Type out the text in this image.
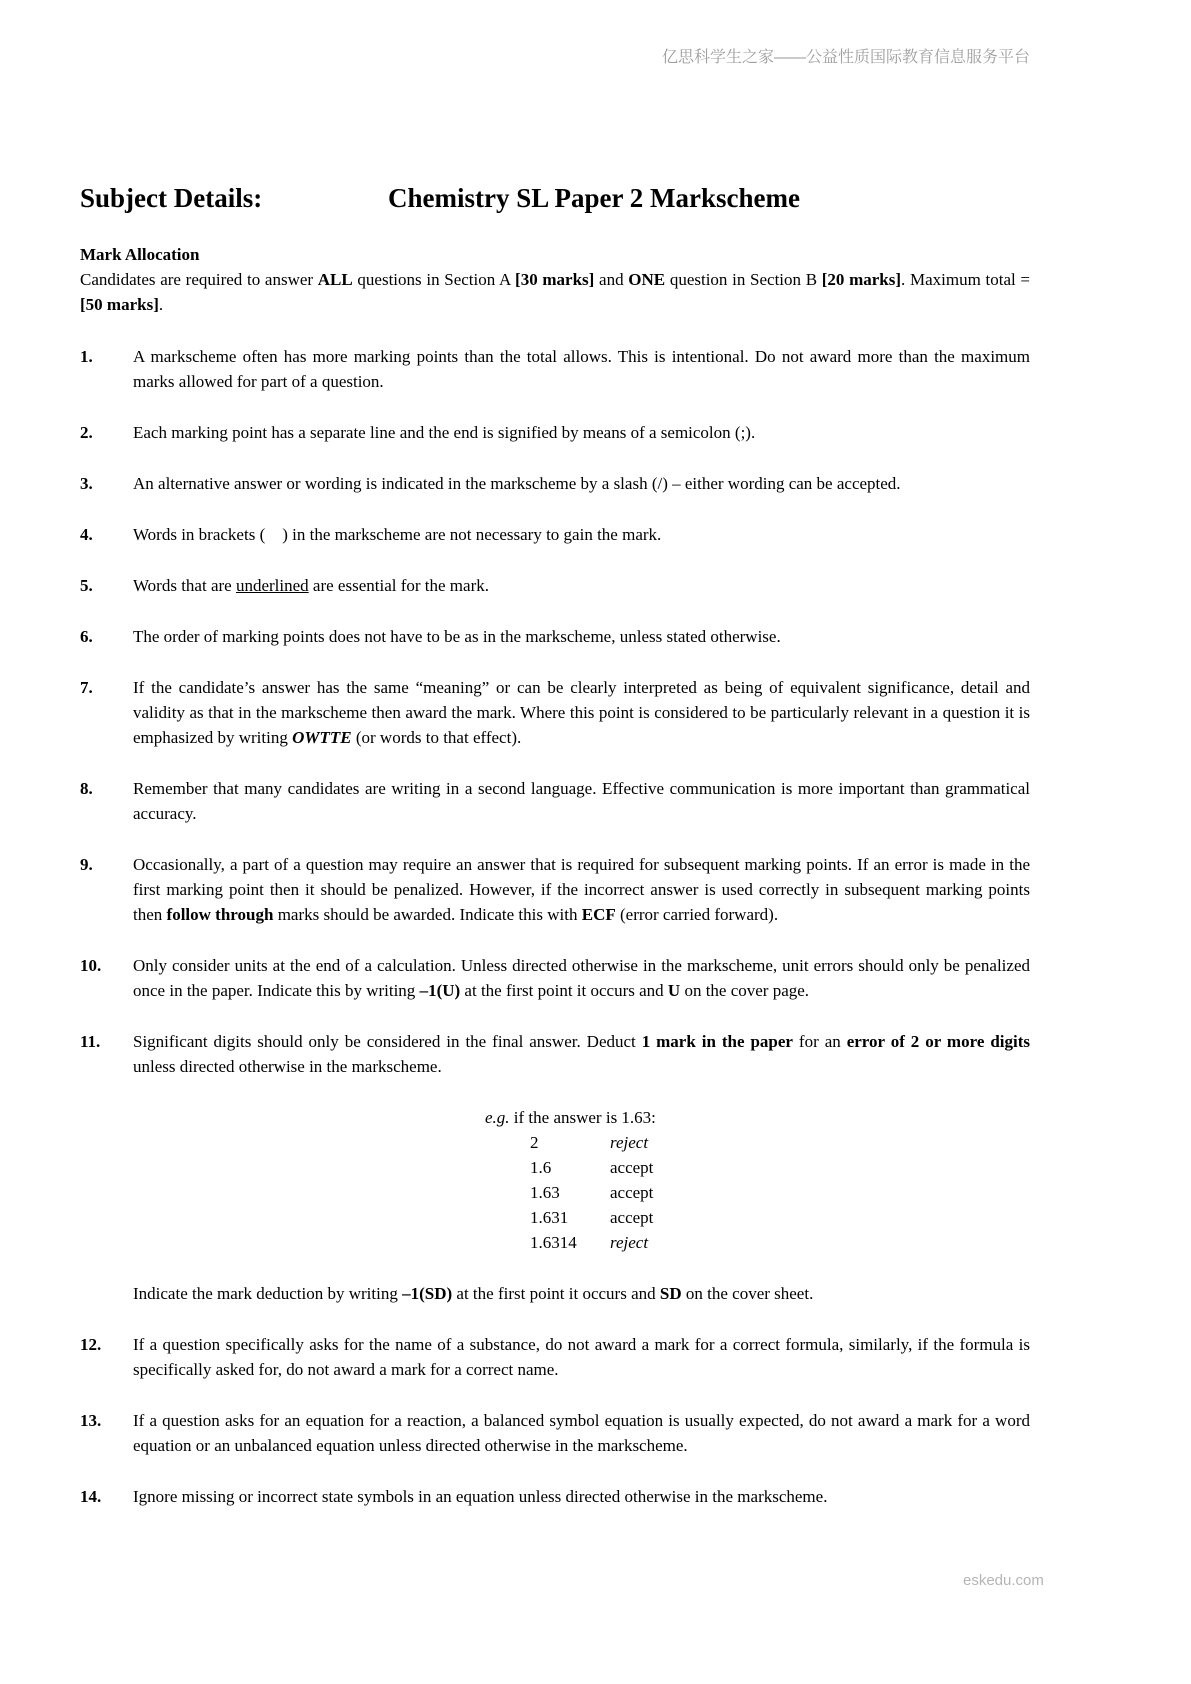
亿思科学生之家——公益性质国际教育信息服务平台
Subject Details:	Chemistry SL Paper 2 Markscheme
Mark Allocation

Candidates are required to answer ALL questions in Section A [30 marks] and ONE question in Section B [20 marks]. Maximum total = [50 marks].

1.	A markscheme often has more marking points than the total allows. This is intentional. Do not award more than the maximum marks allowed for part of a question.
2.	Each marking point has a separate line and the end is signified by means of a semicolon (;).
3.	An alternative answer or wording is indicated in the markscheme by a slash (/) – either wording can be accepted.
4.	Words in brackets (    ) in the markscheme are not necessary to gain the mark.
5.	Words that are underlined are essential for the mark.
6.	The order of marking points does not have to be as in the markscheme, unless stated otherwise.
7.	If the candidate’s answer has the same “meaning” or can be clearly interpreted as being of equivalent significance, detail and validity as that in the markscheme then award the mark. Where this point is considered to be particularly relevant in a question it is emphasized by writing OWTTE (or words to that effect).
8.	Remember that many candidates are writing in a second language. Effective communication is more important than grammatical accuracy.
9.	Occasionally, a part of a question may require an answer that is required for subsequent marking points. If an error is made in the first marking point then it should be penalized. However, if the incorrect answer is used correctly in subsequent marking points then follow through marks should be awarded. Indicate this with ECF (error carried forward).
10.	Only consider units at the end of a calculation. Unless directed otherwise in the markscheme, unit errors should only be penalized once in the paper. Indicate this by writing –1(U) at the first point it occurs and U on the cover page.
11.	Significant digits should only be considered in the final answer. Deduct 1 mark in the paper for an error of 2 or more digits unless directed otherwise in the markscheme.
e.g. if the answer is 1.63:
2	reject
1.6	accept
1.63	accept
1.631	accept
1.6314	reject
Indicate the mark deduction by writing –1(SD) at the first point it occurs and SD on the cover sheet.
12.	If a question specifically asks for the name of a substance, do not award a mark for a correct formula, similarly, if the formula is specifically asked for, do not award a mark for a correct name.
13.	If a question asks for an equation for a reaction, a balanced symbol equation is usually expected, do not award a mark for a word equation or an unbalanced equation unless directed otherwise in the markscheme.
14.	Ignore missing or incorrect state symbols in an equation unless directed otherwise in the markscheme.
eskedu.com
